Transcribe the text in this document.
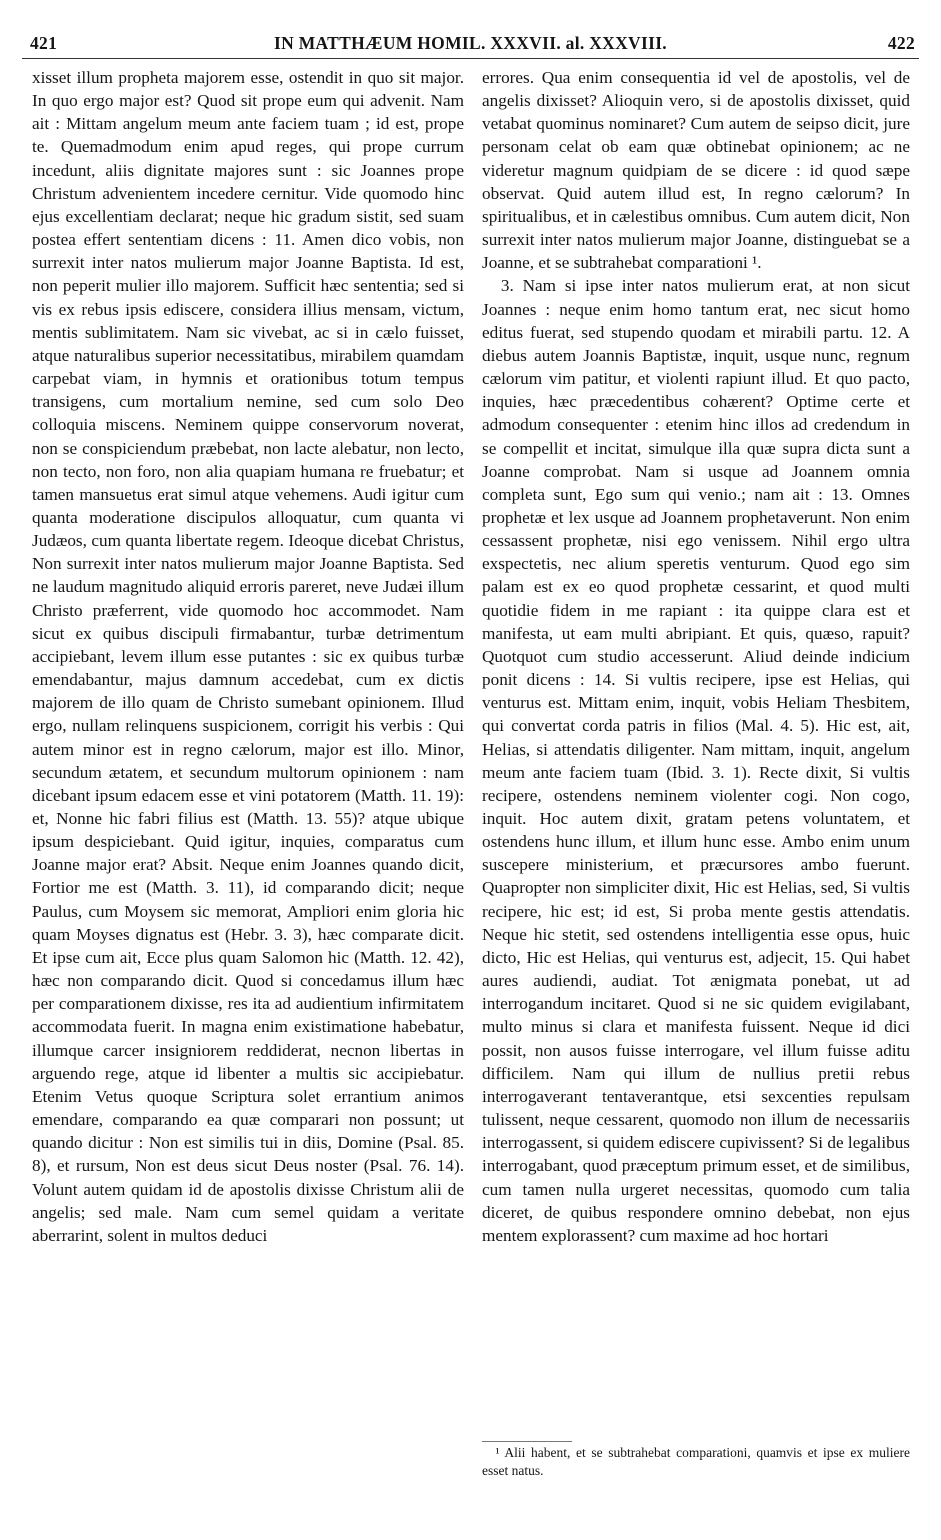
421	IN MATTHÆUM HOMIL. XXXVII. al. XXXVIII.	422

xisset illum propheta majorem esse, ostendit in quo sit major. In quo ergo major est? Quod sit prope eum qui advenit. Nam ait : Mittam angelum meum ante faciem tuam ; id est, prope te. Quemadmodum enim apud reges, qui prope currum incedunt, aliis dignitate majores sunt : sic Joannes prope Christum advenientem incedere cernitur. Vide quomodo hinc ejus excellentiam declarat; neque hic gradum sistit, sed suam postea effert sententiam dicens : 11. Amen dico vobis, non surrexit inter natos mulierum major Joanne Baptista. Id est, non peperit mulier illo majorem. Sufficit hæc sententia; sed si vis ex rebus ipsis ediscere, considera illius mensam, victum, mentis sublimitatem. Nam sic vivebat, ac si in cælo fuisset, atque naturalibus superior necessitatibus, mirabilem quamdam carpebat viam, in hymnis et orationibus totum tempus transigens, cum mortalium nemine, sed cum solo Deo colloquia miscens. Neminem quippe conservorum noverat, non se conspiciendum præbebat, non lacte alebatur, non lecto, non tecto, non foro, non alia quapiam humana re fruebatur; et tamen mansuetus erat simul atque vehemens. Audi igitur cum quanta moderatione discipulos alloquatur, cum quanta vi Judæos, cum quanta libertate regem. Ideoque dicebat Christus, Non surrexit inter natos mulierum major Joanne Baptista. Sed ne laudum magnitudo aliquid erroris pareret, neve Judæi illum Christo præferrent, vide quomodo hoc accommodet. Nam sicut ex quibus discipuli firmabantur, turbæ detrimentum accipiebant, levem illum esse putantes : sic ex quibus turbæ emendabantur, majus damnum accedebat, cum ex dictis majorem de illo quam de Christo sumebant opinionem. Illud ergo, nullam relinquens suspicionem, corrigit his verbis : Qui autem minor est in regno cælorum, major est illo. Minor, secundum ætatem, et secundum multorum opinionem : nam dicebant ipsum edacem esse et vini potatorem (Matth. 11. 19): et, Nonne hic fabri filius est (Matth. 13. 55)? atque ubique ipsum despiciebant. Quid igitur, inquies, comparatus cum Joanne major erat? Absit. Neque enim Joannes quando dicit, Fortior me est (Matth. 3. 11), id comparando dicit; neque Paulus, cum Moysem sic memorat, Ampliori enim gloria hic quam Moyses dignatus est (Hebr. 3. 3), hæc comparate dicit. Et ipse cum ait, Ecce plus quam Salomon hic (Matth. 12. 42), hæc non comparando dicit. Quod si concedamus illum hæc per comparationem dixisse, res ita ad audientium infirmitatem accommodata fuerit. In magna enim existimatione habebatur, illumque carcer insigniorem reddiderat, necnon libertas in arguendo rege, atque id libenter a multis sic accipiebatur. Etenim Vetus quoque Scriptura solet errantium animos emendare, comparando ea quæ comparari non possunt; ut quando dicitur : Non est similis tui in diis, Domine (Psal. 85. 8), et rursum, Non est deus sicut Deus noster (Psal. 76. 14). Volunt autem quidam id de apostolis dixisse Christum alii de angelis; sed male. Nam cum semel quidam a veritate aberrarint, solent in multos deduci

errores. Qua enim consequentia id vel de apostolis, vel de angelis dixisset? Alioquin vero, si de apostolis dixisset, quid vetabat quominus nominaret? Cum autem de seipso dicit, jure personam celat ob eam quæ obtinebat opinionem; ac ne videretur magnum quidpiam de se dicere : id quod sæpe observat. Quid autem illud est, In regno cælorum? In spiritualibus, et in cælestibus omnibus. Cum autem dicit, Non surrexit inter natos mulierum major Joanne, distinguebat se a Joanne, et se subtrahebat comparationi ¹.

3. Nam si ipse inter natos mulierum erat, at non sicut Joannes : neque enim homo tantum erat, nec sicut homo editus fuerat, sed stupendo quodam et mirabili partu. 12. A diebus autem Joannis Baptistæ, inquit, usque nunc, regnum cælorum vim patitur, et violenti rapiunt illud. Et quo pacto, inquies, hæc præcedentibus cohærent? Optime certe et admodum consequenter : etenim hinc illos ad credendum in se compellit et incitat, simulque illa quæ supra dicta sunt a Joanne comprobat. Nam si usque ad Joannem omnia completa sunt, Ego sum qui venio.; nam ait : 13. Omnes prophetæ et lex usque ad Joannem prophetaverunt. Non enim cessassent prophetæ, nisi ego venissem. Nihil ergo ultra exspectetis, nec alium speretis venturum. Quod ego sim palam est ex eo quod prophetæ cessarint, et quod multi quotidie fidem in me rapiant : ita quippe clara est et manifesta, ut eam multi abripiant. Et quis, quæso, rapuit? Quotquot cum studio accesserunt. Aliud deinde indicium ponit dicens : 14. Si vultis recipere, ipse est Helias, qui venturus est. Mittam enim, inquit, vobis Heliam Thesbitem, qui convertat corda patris in filios (Mal. 4. 5). Hic est, ait, Helias, si attendatis diligenter. Nam mittam, inquit, angelum meum ante faciem tuam (Ibid. 3. 1). Recte dixit, Si vultis recipere, ostendens neminem violenter cogi. Non cogo, inquit. Hoc autem dixit, gratam petens voluntatem, et ostendens hunc illum, et illum hunc esse. Ambo enim unum suscepere ministerium, et præcursores ambo fuerunt. Quapropter non simpliciter dixit, Hic est Helias, sed, Si vultis recipere, hic est; id est, Si proba mente gestis attendatis. Neque hic stetit, sed ostendens intelligentia esse opus, huic dicto, Hic est Helias, qui venturus est, adjecit, 15. Qui habet aures audiendi, audiat. Tot ænigmata ponebat, ut ad interrogandum incitaret. Quod si ne sic quidem evigilabant, multo minus si clara et manifesta fuissent. Neque id dici possit, non ausos fuisse interrogare, vel illum fuisse aditu difficilem. Nam qui illum de nullius pretii rebus interrogaverant tentaverantque, etsi sexcenties repulsam tulissent, neque cessarent, quomodo non illum de necessariis interrogassent, si quidem ediscere cupivissent? Si de legalibus interrogabant, quod præceptum primum esset, et de similibus, cum tamen nulla urgeret necessitas, quomodo cum talia diceret, de quibus respondere omnino debebat, non ejus mentem explorassent? cum maxime ad hoc hortari

¹ Alii habent, et se subtrahebat comparationi, quamvis et ipse ex muliere esset natus.
